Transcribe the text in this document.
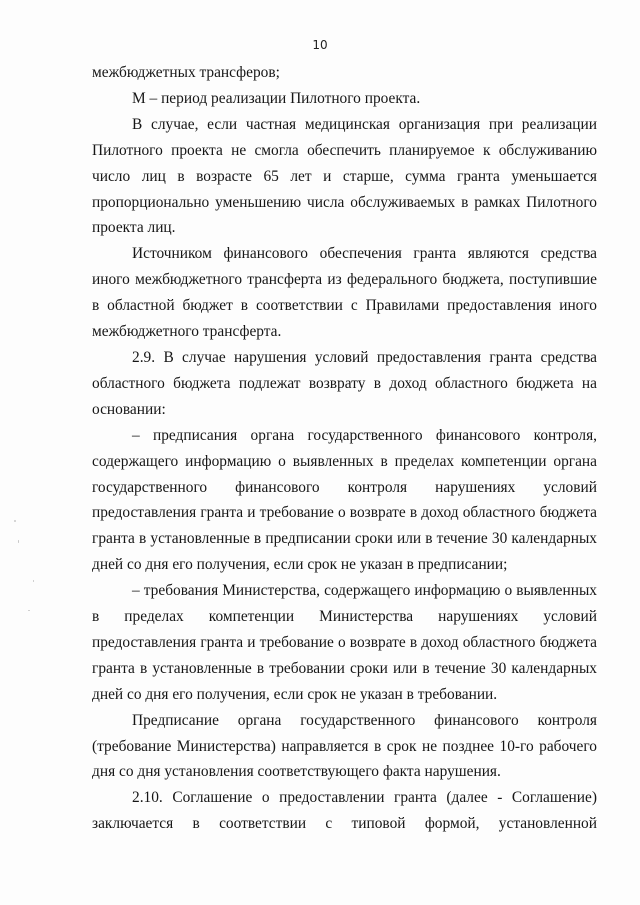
10

межбюджетных трансферов;

М – период реализации Пилотного проекта.

В случае, если частная медицинская организация при реализации Пилотного проекта не смогла обеспечить планируемое к обслуживанию число лиц в возрасте 65 лет и старше, сумма гранта уменьшается пропорционально уменьшению числа обслуживаемых в рамках Пилотного проекта лиц.

Источником финансового обеспечения гранта являются средства иного межбюджетного трансферта из федерального бюджета, поступившие в областной бюджет в соответствии с Правилами предоставления иного межбюджетного трансферта.

2.9. В случае нарушения условий предоставления гранта средства областного бюджета подлежат возврату в доход областного бюджета на основании:

– предписания органа государственного финансового контроля, содержащего информацию о выявленных в пределах компетенции органа государственного финансового контроля нарушениях условий предоставления гранта и требование о возврате в доход областного бюджета гранта в установленные в предписании сроки или в течение 30 календарных дней со дня его получения, если срок не указан в предписании;

– требования Министерства, содержащего информацию о выявленных в пределах компетенции Министерства нарушениях условий предоставления гранта и требование о возврате в доход областного бюджета гранта в установленные в требовании сроки или в течение 30 календарных дней со дня его получения, если срок не указан в требовании.

Предписание органа государственного финансового контроля (требование Министерства) направляется в срок не позднее 10-го рабочего дня со дня установления соответствующего факта нарушения.

2.10. Соглашение о предоставлении гранта (далее - Соглашение) заключается в соответствии с типовой формой, установленной
